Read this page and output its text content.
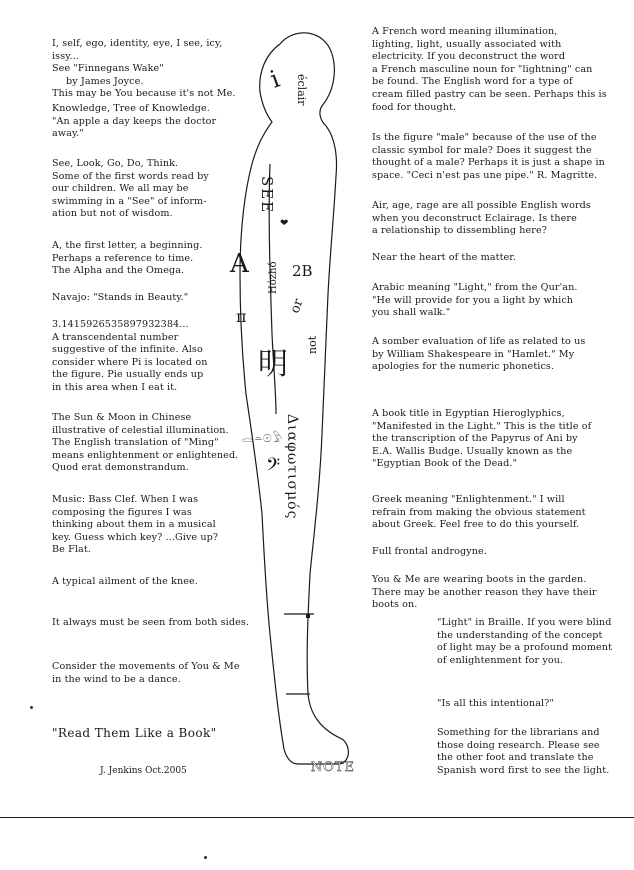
I, self, ego, identity, eye, I see, icy, issy...
See "Finnegans Wake"
by James Joyce.
This may be You because it's not Me.
Knowledge, Tree of Knowledge.
"An apple a day keeps the doctor
away."
See, Look, Go, Do, Think.
Some of the first words read by
our children. We all may be
swimming in a "See" of inform-
ation but not of wisdom.
A, the first letter, a beginning.
Perhaps a reference to time.
The Alpha and the Omega.
Navajo: "Stands in Beauty."
3.1415926535897932384...
A transcendental number
suggestive of the infinite. Also
consider where Pi is located on
the figure. Pie usually ends up
in this area when I eat it.
The Sun & Moon in Chinese
illustrative of celestial illumination.
The English translation of "Ming"
means enlightenment or enlightened.
Quod erat demonstrandum.
Music: Bass Clef. When I was
composing the figures I was
thinking about them in a musical
key. Guess which key? ...Give up?
Be Flat.
A typical ailment of the knee.
It always must be seen from both sides.
Consider the movements of You & Me
in the wind to be a dance.
"Read Them Like a Book"
J. Jenkins Oct.2005
i éclair
SEE
❤
A Hózhó 2B
or
not
明
π
Διαφωτισμός
𝄢
NOTE
𓂋𓏏𓇳𓅱
A French word meaning illumination,
lighting, light, usually associated with
electricity. If you deconstruct the word
a French masculine noun for "lightning" can
be found. The English word for a type of
cream filled pastry can be seen. Perhaps this is
food for thought.
Is the figure "male" because of the use of the
classic symbol for male? Does it suggest the
thought of a male? Perhaps it is just a shape in
space. "Ceci n'est pas une pipe." R. Magritte.
Air, age, rage are all possible English words
when you deconstruct Eclairage. Is there
a relationship to dissembling here?
Near the heart of the matter.
Arabic meaning "Light," from the Qur'an.
"He will provide for you a light by which
you shall walk."
A somber evaluation of life as related to us
by William Shakespeare in "Hamlet." My
apologies for the numeric phonetics.
A book title in Egyptian Hieroglyphics,
"Manifested in the Light." This is the title of
the transcription of the Papyrus of Ani by
E.A. Wallis Budge. Usually known as the
"Egyptian Book of the Dead."
Greek meaning "Enlightenment." I will
refrain from making the obvious statement
about Greek. Feel free to do this yourself.
Full frontal androgyne.
You & Me are wearing boots in the garden.
There may be another reason they have their
boots on.
"Light" in Braille. If you were blind
the understanding of the concept
of light may be a profound moment
of enlightenment for you.
"Is all this intentional?"
Something for the librarians and
those doing research. Please see
the other foot and translate the
Spanish word first to see the light.
